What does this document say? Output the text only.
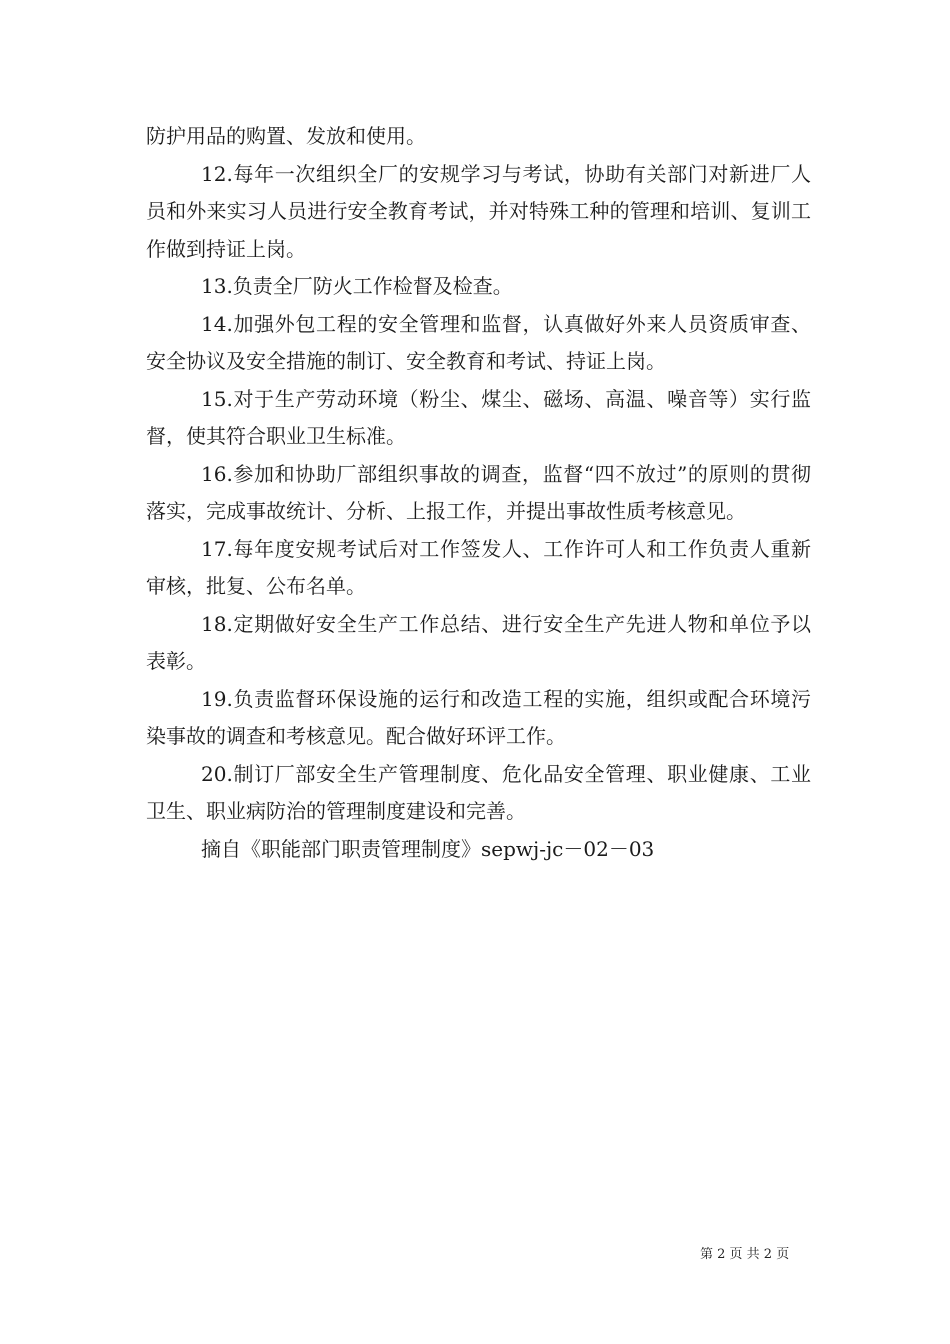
防护用品的购置、发放和使用。

12.每年一次组织全厂的安规学习与考试，协助有关部门对新进厂人员和外来实习人员进行安全教育考试，并对特殊工种的管理和培训、复训工作做到持证上岗。

13.负责全厂防火工作检督及检查。

14.加强外包工程的安全管理和监督，认真做好外来人员资质审查、安全协议及安全措施的制订、安全教育和考试、持证上岗。

15.对于生产劳动环境（粉尘、煤尘、磁场、高温、噪音等）实行监督，使其符合职业卫生标准。

16.参加和协助厂部组织事故的调查，监督“四不放过”的原则的贯彻落实，完成事故统计、分析、上报工作，并提出事故性质考核意见。

17.每年度安规考试后对工作签发人、工作许可人和工作负责人重新审核，批复、公布名单。

18.定期做好安全生产工作总结、进行安全生产先进人物和单位予以表彰。

19.负责监督环保设施的运行和改造工程的实施，组织或配合环境污染事故的调查和考核意见。配合做好环评工作。

20.制订厂部安全生产管理制度、危化品安全管理、职业健康、工业卫生、职业病防治的管理制度建设和完善。

摘自《职能部门职责管理制度》sepwj-jc－02－03

第 2 页 共 2 页
